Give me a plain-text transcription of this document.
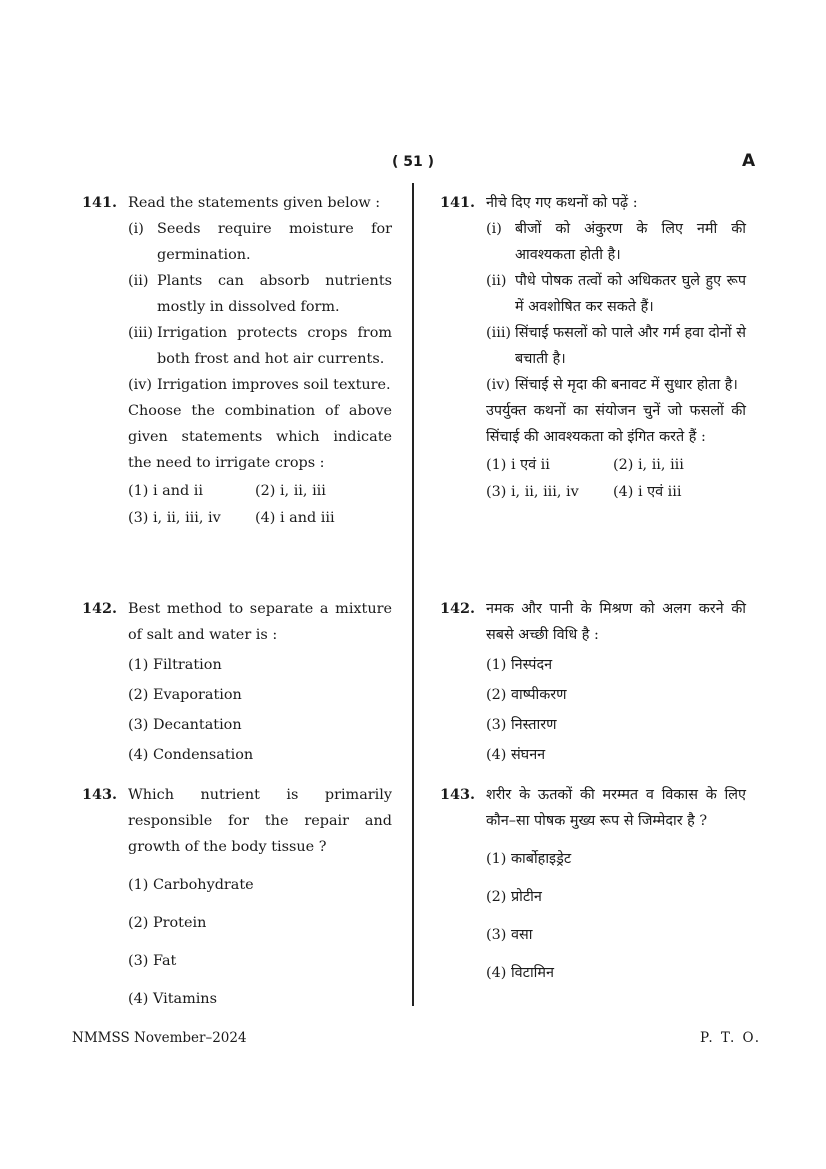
( 51 )	A
141. Read the statements given below :
(i) Seeds require moisture for germination.
(ii) Plants can absorb nutrients mostly in dissolved form.
(iii) Irrigation protects crops from both frost and hot air currents.
(iv) Irrigation improves soil texture.
Choose the combination of above given statements which indicate the need to irrigate crops :
(1) i and ii	(2) i, ii, iii
(3) i, ii, iii, iv	(4) i and iii
142. Best method to separate a mixture of salt and water is :
(1) Filtration
(2) Evaporation
(3) Decantation
(4) Condensation
143. Which nutrient is primarily responsible for the repair and growth of the body tissue ?
(1) Carbohydrate
(2) Protein
(3) Fat
(4) Vitamins
141. नीचे दिए गए कथनों को पढ़ें :
(i) बीजों को अंकुरण के लिए नमी की आवश्यकता होती है।
(ii) पौधे पोषक तत्वों को अधिकतर घुले हुए रूप में अवशोषित कर सकते हैं।
(iii) सिंचाई फसलों को पाले और गर्म हवा दोनों से बचाती है।
(iv) सिंचाई से मृदा की बनावट में सुधार होता है।
उपर्युक्त कथनों का संयोजन चुनें जो फसलों की सिंचाई की आवश्यकता को इंगित करते हैं :
(1) i एवं ii	(2) i, ii, iii
(3) i, ii, iii, iv	(4) i एवं iii
142. नमक और पानी के मिश्रण को अलग करने की सबसे अच्छी विधि है :
(1) निस्पंदन
(2) वाष्पीकरण
(3) निस्तारण
(4) संघनन
143. शरीर के ऊतकों की मरम्मत व विकास के लिए कौन–सा पोषक मुख्य रूप से जिम्मेदार है ?
(1) कार्बोहाइड्रेट
(2) प्रोटीन
(3) वसा
(4) विटामिन
NMMSS November–2024	P. T. O.
